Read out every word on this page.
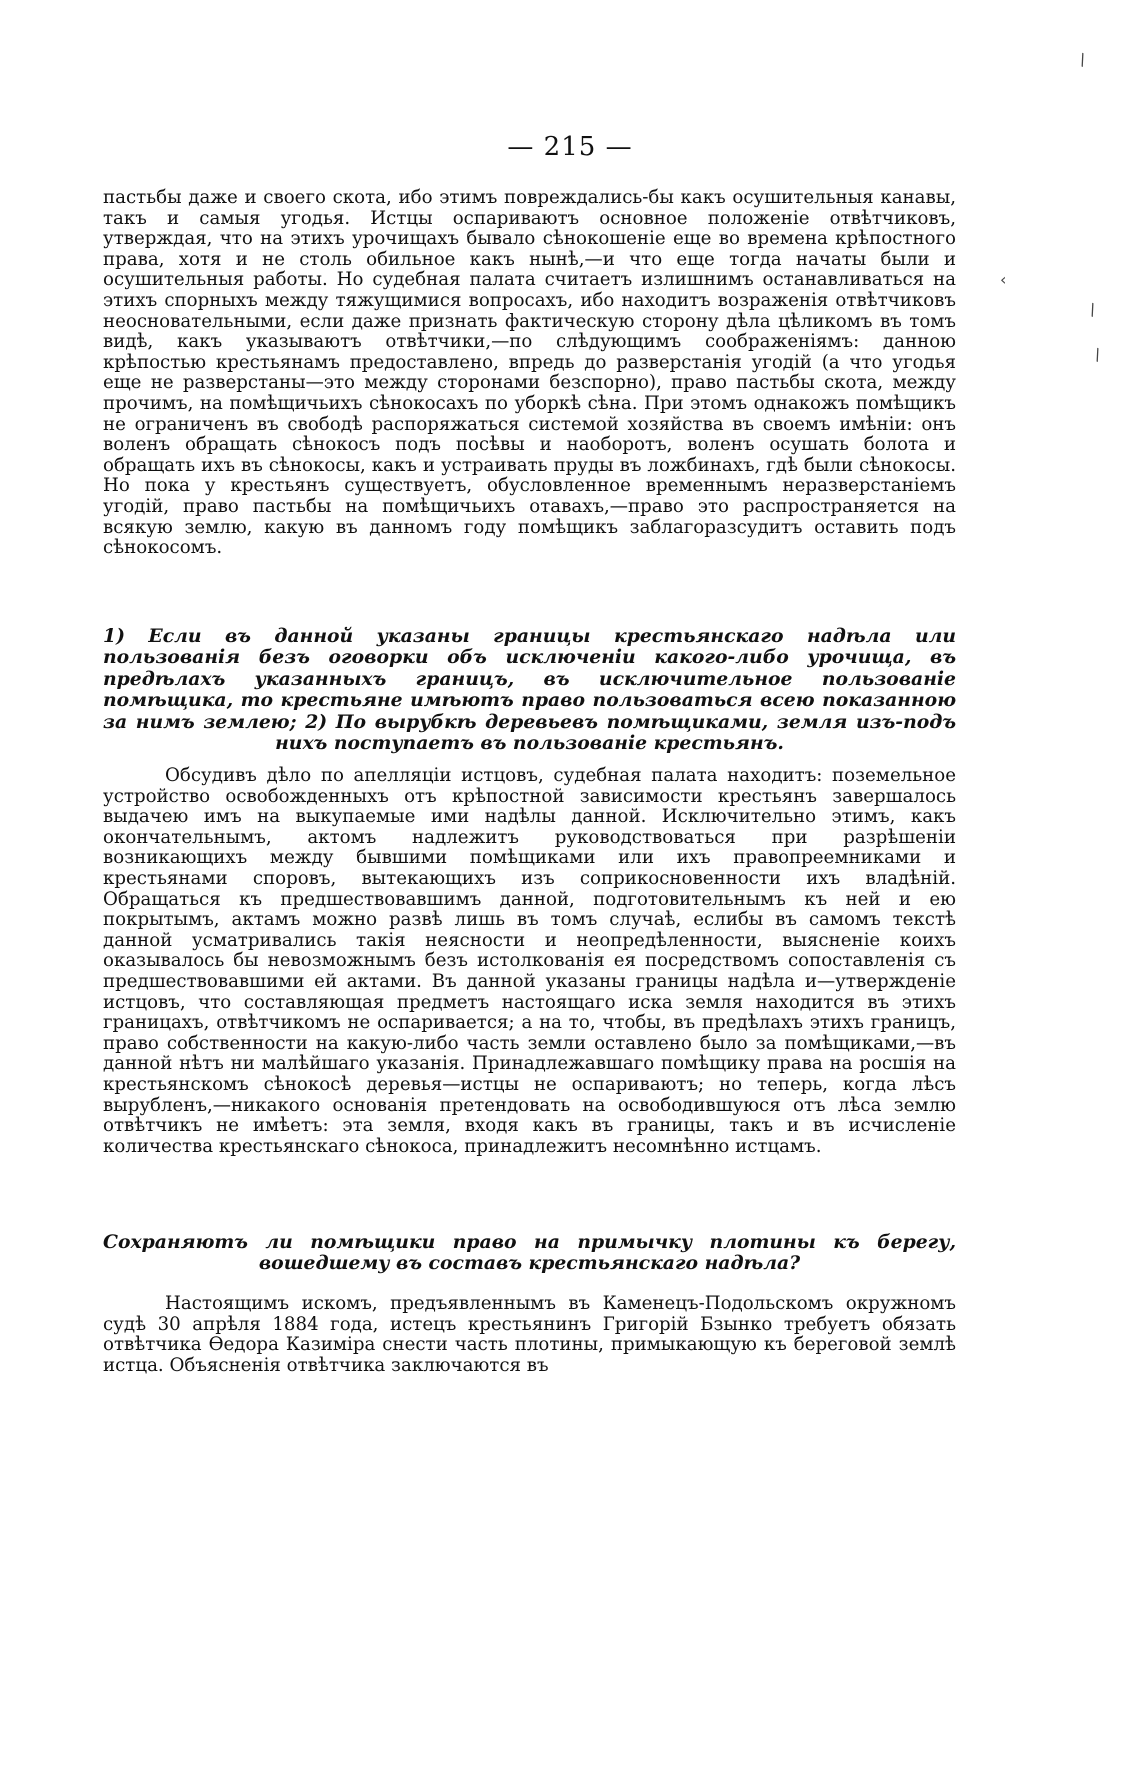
— 215 —

пастьбы даже и своего скота, ибо этимъ повреждались-бы какъ осушительныя канавы, такъ и самыя угодья. Истцы оспариваютъ основное положенiе отвѣтчиковъ, утверждая, что на этихъ урочищахъ бывало сѣнокошенiе еще во времена крѣпостного права, хотя и не столь обильное какъ нынѣ,—и что еще тогда начаты были и осушительныя работы. Но судебная палата считаетъ излишнимъ останавливаться на этихъ спорныхъ между тяжущимися вопросахъ, ибо находитъ возраженiя отвѣтчиковъ неосновательными, если даже признать фактическую сторону дѣла цѣликомъ въ томъ видѣ, какъ указываютъ отвѣтчики,—по слѣдующимъ соображенiямъ: данною крѣпостью крестьянамъ предоставлено, впредь до разверстанiя угодiй (а что угодья еще не разверстаны—это между сторонами безспорно), право пастьбы скота, между прочимъ, на помѣщичьихъ сѣнокосахъ по уборкѣ сѣна. При этомъ однакожъ помѣщикъ не ограниченъ въ свободѣ распоряжаться системой хозяйства въ своемъ имѣнiи: онъ воленъ обращать сѣнокосъ подъ посѣвы и наоборотъ, воленъ осушать болота и обращать ихъ въ сѣнокосы, какъ и устраивать пруды въ ложбинахъ, гдѣ были сѣнокосы. Но пока у крестьянъ существуетъ, обусловленное временнымъ неразверстанiемъ угодiй, право пастьбы на помѣщичьихъ отавахъ,—право это распространяется на всякую землю, какую въ данномъ году помѣщикъ заблагоразсудитъ оставить подъ сѣнокосомъ.

1) Если въ данной указаны границы крестьянскаго надѣла или пользованiя безъ оговорки объ исключенiи какого-либо урочища, въ предѣлахъ указанныхъ границъ, въ исключительное пользованiе помѣщика, то крестьяне имѣютъ право пользоваться всею показанною за нимъ землею; 2) По вырубкѣ деревьевъ помѣщиками, земля изъ-подъ нихъ поступаетъ въ пользованiе крестьянъ.

Обсудивъ дѣло по апелляцiи истцовъ, судебная палата находитъ: поземельное устройство освобожденныхъ отъ крѣпостной зависимости крестьянъ завершалось выдачею имъ на выкупаемые ими надѣлы данной. Исключительно этимъ, какъ окончательнымъ, актомъ надлежитъ руководствоваться при разрѣшенiи возникающихъ между бывшими помѣщиками или ихъ правопреемниками и крестьянами споровъ, вытекающихъ изъ соприкосновенности ихъ владѣнiй. Обращаться къ предшествовавшимъ данной, подготовительнымъ къ ней и ею покрытымъ, актамъ можно развѣ лишь въ томъ случаѣ, еслибы въ самомъ текстѣ данной усматривались такiя неясности и неопредѣленности, выясненiе коихъ оказывалось бы невозможнымъ безъ истолкованiя ея посредствомъ сопоставленiя съ предшествовавшими ей актами. Въ данной указаны границы надѣла и—утвержденiе истцовъ, что составляющая предметъ настоящаго иска земля находится въ этихъ границахъ, отвѣтчикомъ не оспаривается; а на то, чтобы, въ предѣлахъ этихъ границъ, право собственности на какую-либо часть земли оставлено было за помѣщиками,—въ данной нѣтъ ни малѣйшаго указанiя. Принадлежавшаго помѣщику права на росшiя на крестьянскомъ сѣнокосѣ деревья—истцы не оспариваютъ; но теперь, когда лѣсъ вырубленъ,—никакого основанiя претендовать на освободившуюся отъ лѣса землю отвѣтчикъ не имѣетъ: эта земля, входя какъ въ границы, такъ и въ исчисленiе количества крестьянскаго сѣнокоса, принадлежитъ несомнѣнно истцамъ.

Сохраняютъ ли помѣщики право на примычку плотины къ берегу, вошедшему въ составъ крестьянскаго надѣла?

Настоящимъ искомъ, предъявленнымъ въ Каменецъ-Подольскомъ окружномъ судѣ 30 апрѣля 1884 года, истецъ крестьянинъ Григорiй Бзынко требуетъ обязать отвѣтчика Өедора Казимiра снести часть плотины, примыкающую къ береговой землѣ истца. Объясненiя отвѣтчика заключаются въ

‹
\
\
\
